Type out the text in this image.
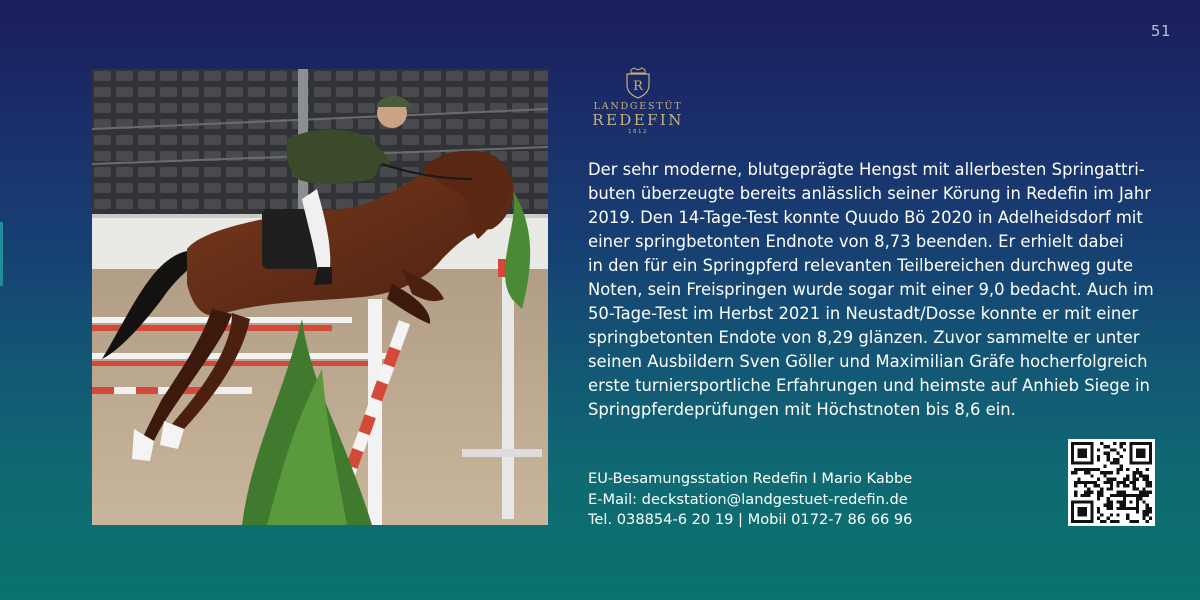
51
R
LANDGESTÜT
REDEFIN
1812
Der sehr moderne, blutgeprägte Hengst mit allerbesten Springattri-
buten überzeugte bereits anlässlich seiner Körung in Redefin im Jahr
2019. Den 14-Tage-Test konnte Quudo Bö 2020 in Adelheidsdorf mit
einer springbetonten Endnote von 8,73 beenden. Er erhielt dabei
in den für ein Springpferd relevanten Teilbereichen durchweg gute
Noten, sein Freispringen wurde sogar mit einer 9,0 bedacht. Auch im
50-Tage-Test im Herbst 2021 in Neustadt/Dosse konnte er mit einer
springbetonten Endote von 8,29 glänzen. Zuvor sammelte er unter
seinen Ausbildern Sven Göller und Maximilian Gräfe hocherfolgreich
erste turniersportliche Erfahrungen und heimste auf Anhieb Siege in
Springpferdeprüfungen mit Höchstnoten bis 8,6 ein.
EU-Besamungsstation Redefin I Mario Kabbe
E-Mail: deckstation@landgestuet-redefin.de
Tel. 038854-6 20 19 | Mobil 0172-7 86 66 96
